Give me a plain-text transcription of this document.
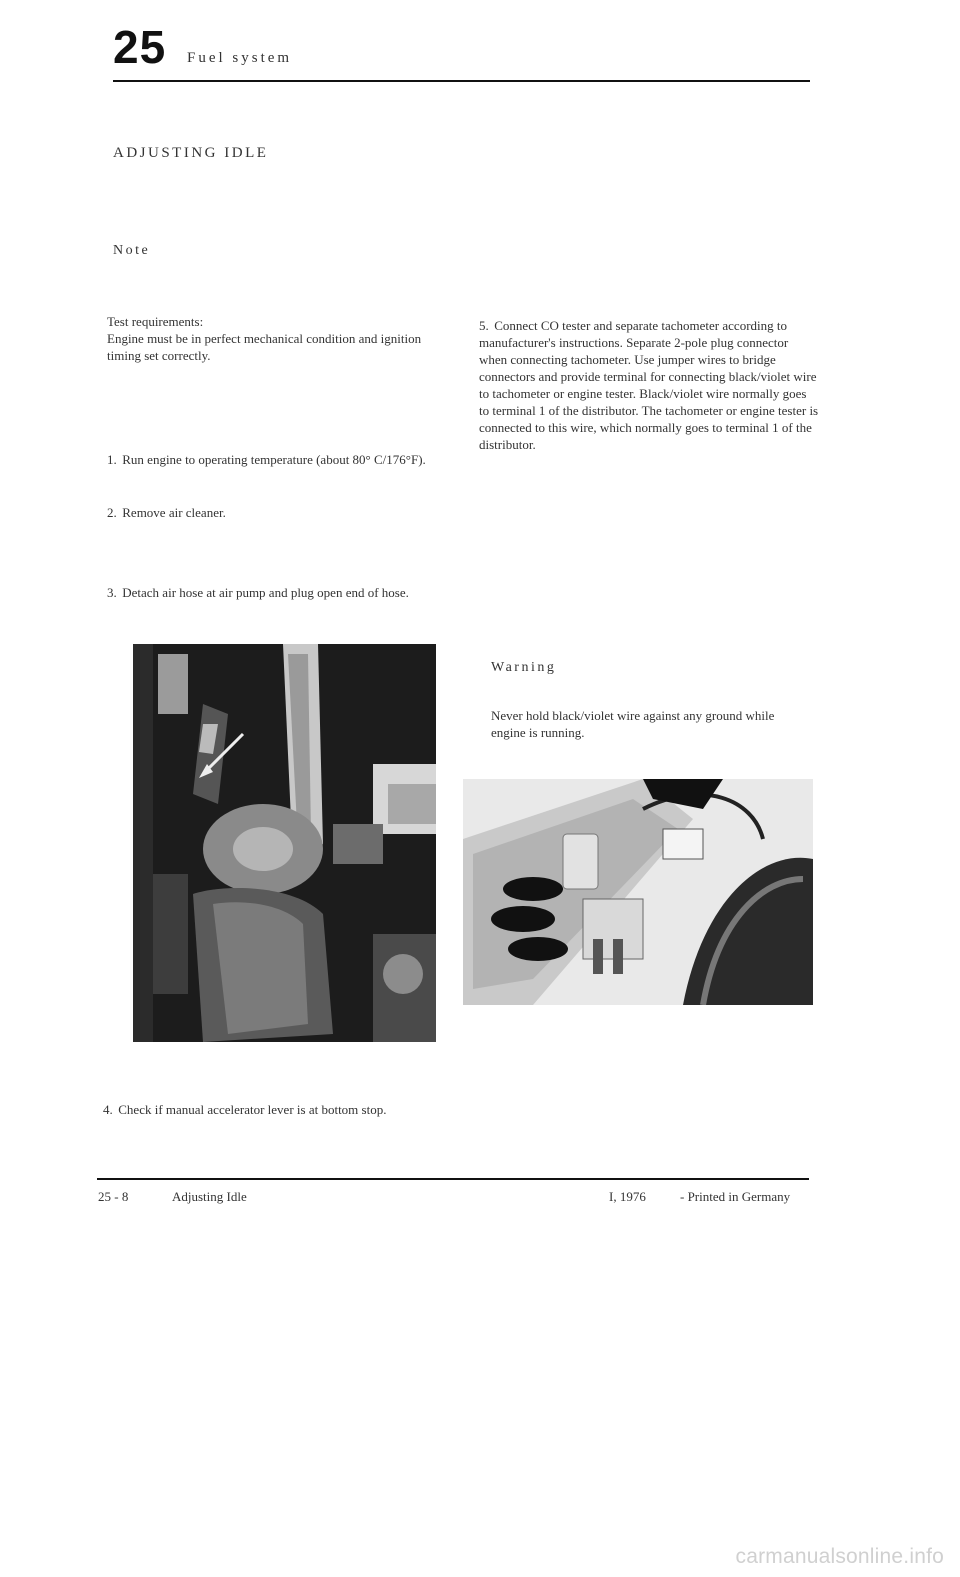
25 Fuel system
ADJUSTING IDLE
Note
Test requirements:
Engine must be in perfect mechanical condition and ignition timing set correctly.
1. Run engine to operating temperature (about 80° C/176°F).
2. Remove air cleaner.
3. Detach air hose at air pump and plug open end of hose.
4. Check if manual accelerator lever is at bottom stop.
5. Connect CO tester and separate tachometer according to manufacturer's instructions. Separate 2-pole plug connector when connecting tachometer. Use jumper wires to bridge connectors and provide terminal for connecting black/violet wire to tachometer or engine tester. Black/violet wire normally goes to terminal 1 of the distributor. The tachometer or engine tester is connected to this wire, which normally goes to terminal 1 of the distributor.
Warning
Never hold black/violet wire against any ground while engine is running.
25 - 8	Adjusting Idle	I, 1976	- Printed in Germany
carmanualsonline.info
